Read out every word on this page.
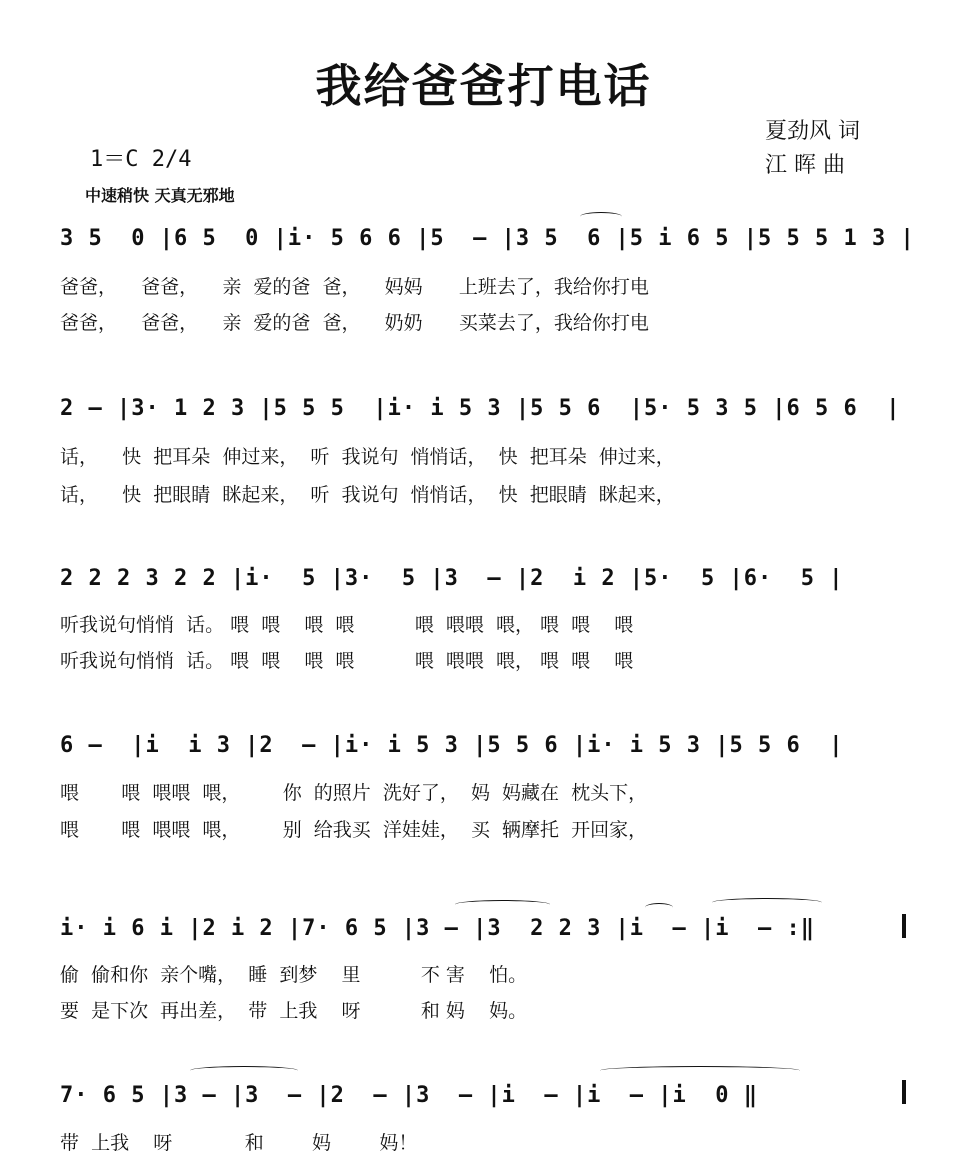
我给爸爸打电话
夏劲风 词
江 晖 曲
1＝C 2/4
中速稍快 天真无邪地
3 5  0 |6 5  0 |i· 5 6 6 |5  – |3 5  6 |5 i 6 5 |5 5 5 1 3 |
爸爸，    爸爸，    亲  爱的爸  爸，    妈妈      上班去了，我给你打电
爸爸，    爸爸，    亲  爱的爸  爸，    奶奶      买菜去了，我给你打电
2 – |3· 1 2 3 |5 5 5  |i· i 5 3 |5 5 6  |5· 5 3 5 |6 5 6  |
话，    快  把耳朵  伸过来，  听  我说句  悄悄话，  快  把耳朵  伸过来，
话，    快  把眼睛  眯起来，  听  我说句  悄悄话，  快  把眼睛  眯起来，
2 2 2 3 2 2 |i·  5 |3·  5 |3  – |2  i 2 |5·  5 |6·  5 |
听我说句悄悄  话。 喂  喂    喂  喂          喂  喂喂  喂， 喂  喂    喂
听我说句悄悄  话。 喂  喂    喂  喂          喂  喂喂  喂， 喂  喂    喂
6 –  |i  i 3 |2  – |i· i 5 3 |5 5 6 |i· i 5 3 |5 5 6  |
喂       喂  喂喂  喂，       你  的照片  洗好了，  妈  妈藏在  枕头下，
喂       喂  喂喂  喂，       别  给我买  洋娃娃，  买  辆摩托  开回家，
i· i 6 i |2 i 2 |7· 6 5 |3 – |3  2 2 3 |i  – |i  – :‖
偷  偷和你  亲个嘴，  睡  到梦    里          不 害    怕。
要  是下次  再出差，  带  上我    呀          和 妈    妈。
7· 6 5 |3 – |3  – |2  – |3  – |i  – |i  – |i  0 ‖
带  上我    呀            和        妈        妈！
